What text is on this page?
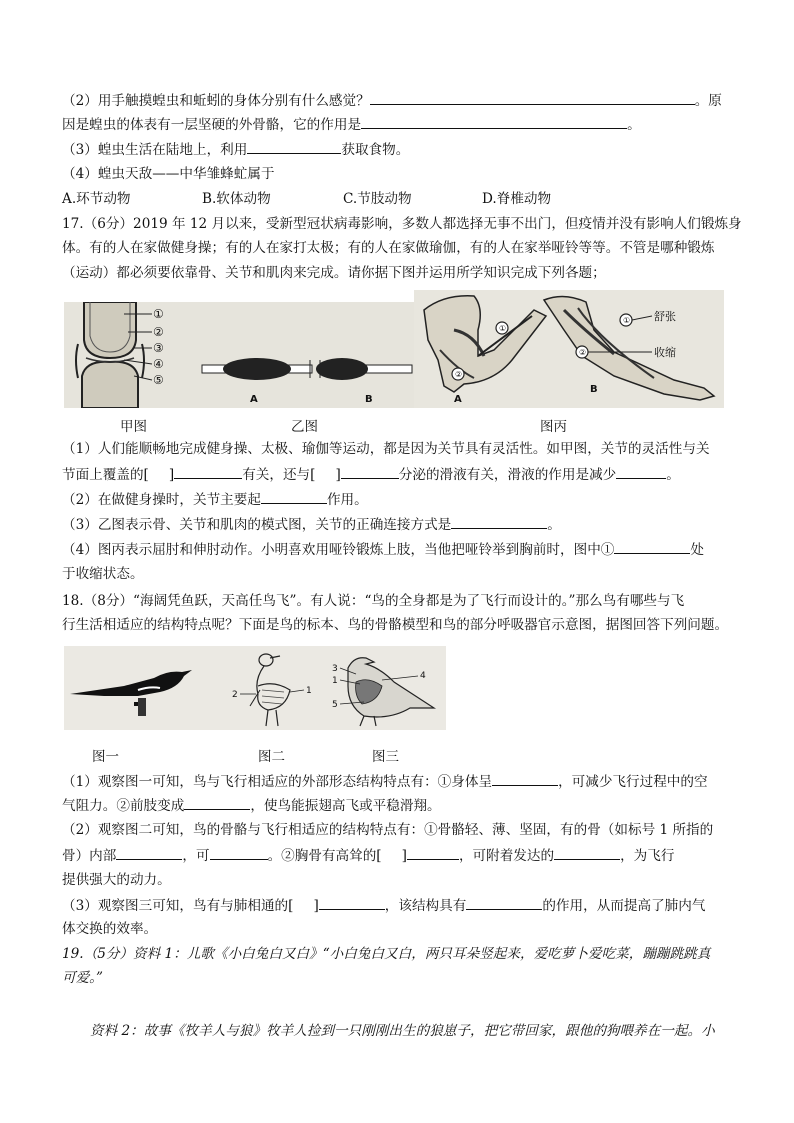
（2）用手触摸蝗虫和蚯蚓的身体分别有什么感觉？	。原
因是蝗虫的体表有一层坚硬的外骨骼，它的作用是	。
（3）蝗虫生活在陆地上，利用	获取食物。
（4）蝗虫天敌——中华雏蜂虻属于
A.环节动物	B.软体动物	C.节肢动物	D.脊椎动物
17.（6分）2019 年 12 月以来，受新型冠状病毒影响，多数人都选择无事不出门，但疫情并没有影响人们锻炼身
体。有的人在家做健身操；有的人在家打太极；有的人在家做瑜伽，有的人在家举哑铃等等。不管是哪种锻炼
（运动）都必须要依靠骨、关节和肌肉来完成。请你据下图并运用所学知识完成下列各题；
①
②
③
④
⑤
A	B
①
②
A
①
②
舒张
收缩
B
甲图	乙图	图丙
（1）人们能顺畅地完成健身操、太极、瑜伽等运动，都是因为关节具有灵活性。如甲图，关节的灵活性与关
节面上覆盖的[ ]	有关，还与[ ]	分泌的滑液有关，滑液的作用是减少	。
（2）在做健身操时，关节主要起	作用。
（3）乙图表示骨、关节和肌肉的模式图，关节的正确连接方式是	。
（4）图丙表示屈肘和伸肘动作。小明喜欢用哑铃锻炼上肢，当他把哑铃举到胸前时，图中①	处
于收缩状态。
18.（8分）“海阔凭鱼跃，天高任鸟飞”。有人说：“鸟的全身都是为了飞行而设计的。”那么鸟有哪些与飞
行生活相适应的结构特点呢？下面是鸟的标本、鸟的骨骼模型和鸟的部分呼吸器官示意图，据图回答下列问题。
2	1
3
1	4
5
图一	图二	图三
（1）观察图一可知，鸟与飞行相适应的外部形态结构特点有：①身体呈	，可减少飞行过程中的空
气阻力。②前肢变成	，使鸟能振翅高飞或平稳滑翔。
（2）观察图二可知，鸟的骨骼与飞行相适应的结构特点有：①骨骼轻、薄、坚固，有的骨（如标号 1 所指的
骨）内部	，可	。②胸骨有高耸的[ ]	，可附着发达的	，为飞行
提供强大的动力。
（3）观察图三可知，鸟有与肺相通的[ ]	，该结构具有	的作用，从而提高了肺内气
体交换的效率。
19.（5分）资料 1：儿歌《小白兔白又白》“小白兔白又白，两只耳朵竖起来，爱吃萝卜爱吃菜，蹦蹦跳跳真
可爱。”
资料 2：故事《牧羊人与狼》牧羊人捡到一只刚刚出生的狼崽子，把它带回家，跟他的狗喂养在一起。小
